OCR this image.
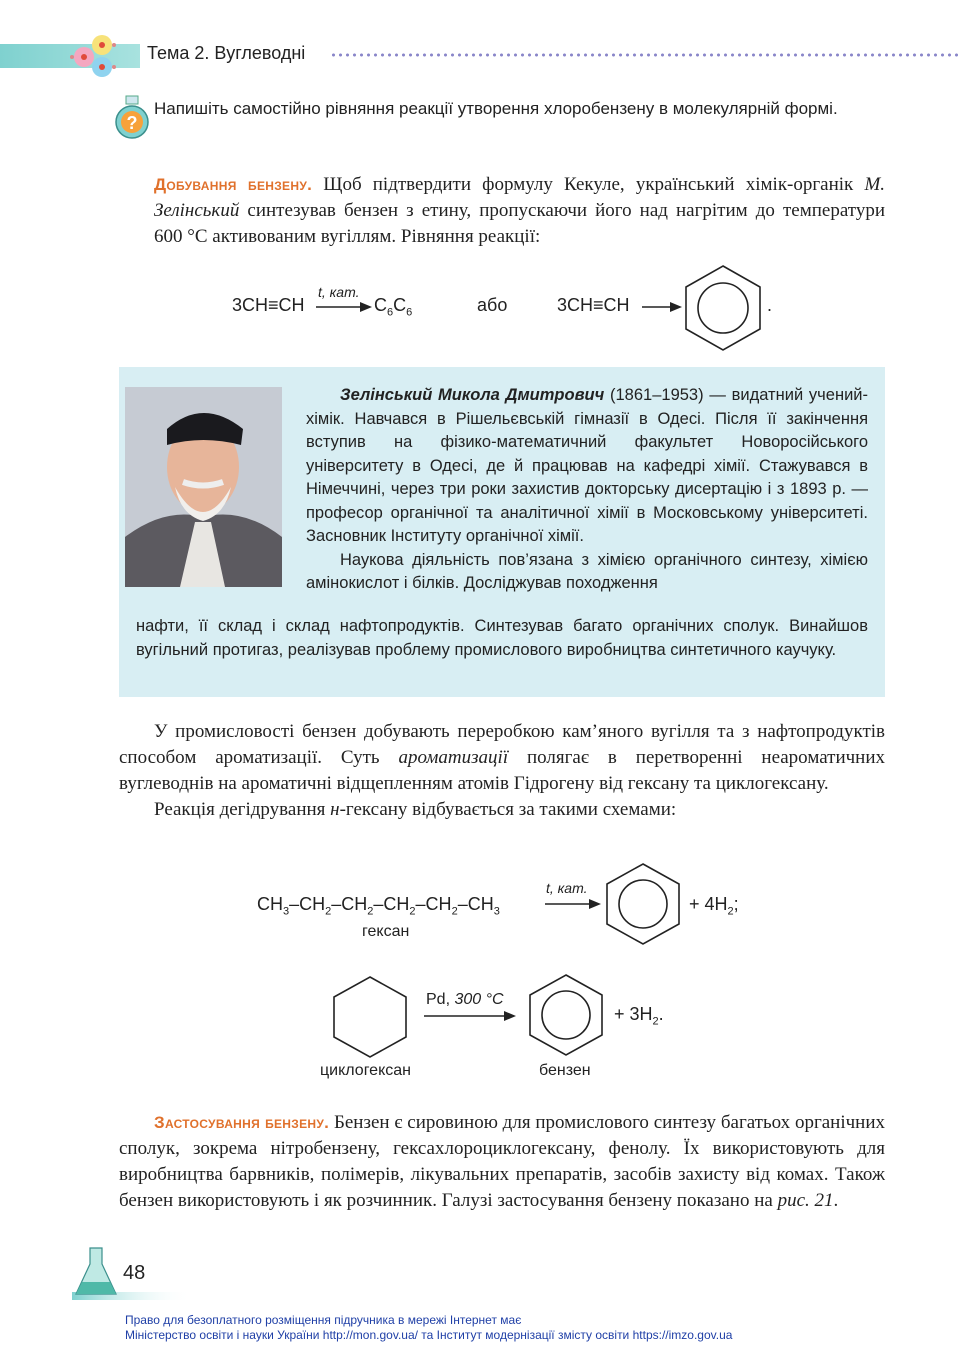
Тема 2. Вуглеводні
?
Напишіть самостійно рівняння реакції утворення хлоробензену в молекулярній формі.

Добування бензену. Щоб підтвердити формулу Кекуле, український хімік-органік М. Зелінський синтезував бензен з етину, пропускаючи його над нагрітим до температури 600 °С активованим вугіллям. Рівняння реакції:

3CH≡CH
t, кат.
→ $C_6C_6$	або	3CH≡CH →	.

Зелінський Микола Дмитрович (1861–1953) — видатний учений-хімік. Навчався в Рішельєвській гімназії в Одесі. Після її закінчення вступив на фізико-математичний факультет Новоросійського університету в Одесі, де й працював на кафедрі хімії. Стажувався в Німеччині, через три роки захистив докторську дисертацію і з 1893 р. — професор органічної та аналітичної хімії в Московському університеті. Засновник Інституту органічної хімії.

Наукова діяльність пов’язана з хімією органічного синтезу, хімією амінокислот і білків. Досліджував походження

нафти, її склад і склад нафтопродуктів. Синтезував багато органічних сполук. Винайшов вугільний протигаз, реалізував проблему промислового виробництва синтетичного каучуку.

У промисловості бензен добувають переробкою кам’яного вугілля та з нафтопродуктів способом ароматизації. Суть ароматизації полягає в перетворенні неароматичних вуглеводнів на ароматичні відщепленням атомів Гідрогену від гексану та циклогексану.

Реакція дегідрування н-гексану відбувається за такими схемами:

$CH_3-CH_2-CH_2-CH_2-CH_2-CH_3$
t, кат.
+ $4H_2$;
гексан
Pd, 300 °С
+ $3H_2$.
циклогексан	бензен

Застосування бензену. Бензен є сировиною для промислового синтезу багатьох органічних сполук, зокрема нітробензену, гексахлороциклогексану, фенолу. Їх використовують для виробництва барвників, полімерів, лікувальних препаратів, засобів захисту від комах. Також бензен використовують і як розчинник. Галузі застосування бензену показано на рис. 21.

48
Право для безоплатного розміщення підручника в мережі Інтернет має
Міністерство освіти і науки України http://mon.gov.ua/ та Інститут модернізації змісту освіти https://imzo.gov.ua
